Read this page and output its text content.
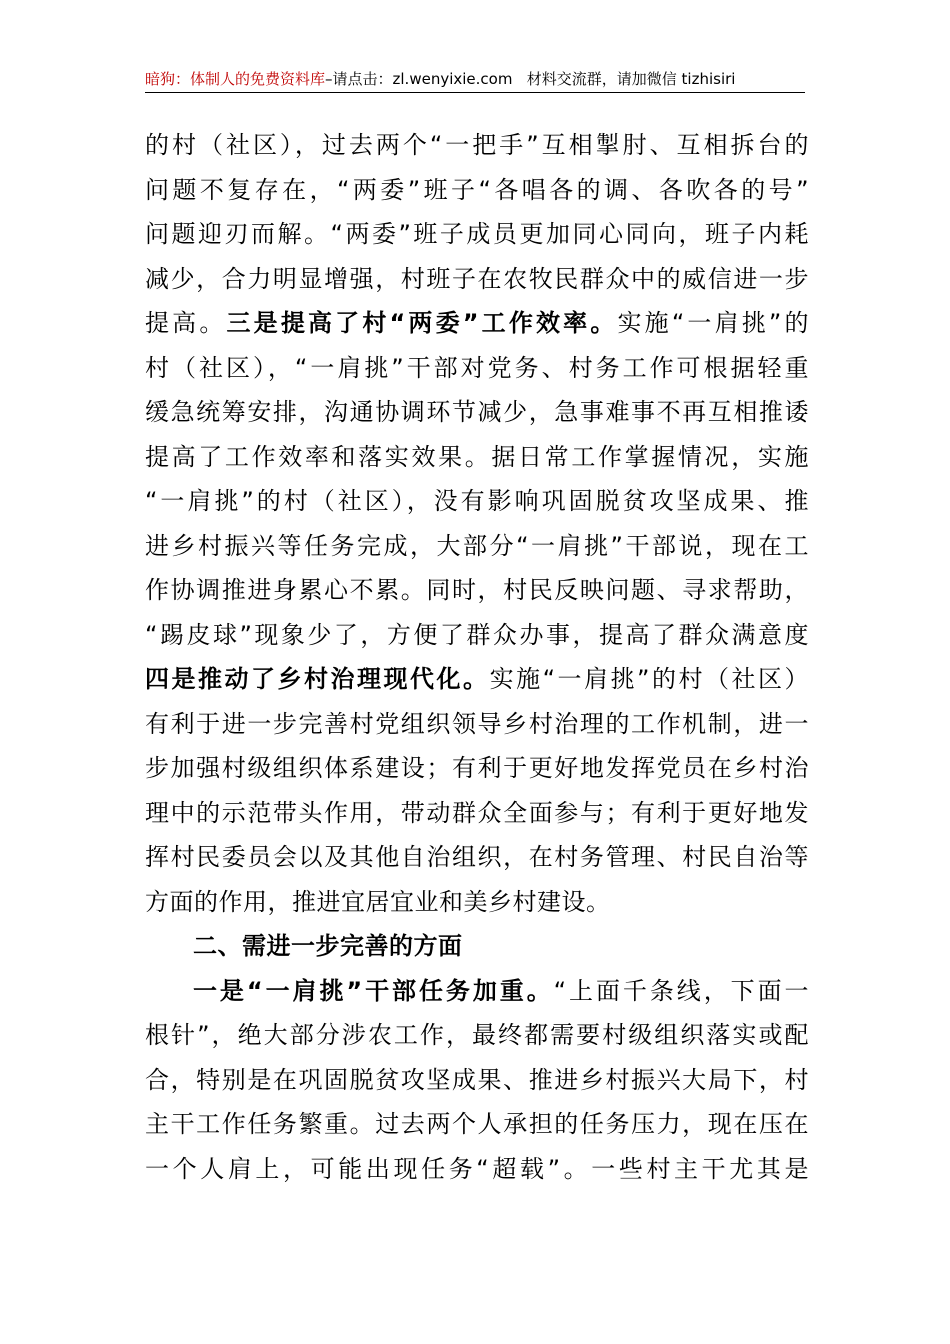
暗狗：体制人的免费资料库–请点击：zl.wenyixie.com 材料交流群，请加微信 tizhisiri
的村（社区），过去两个“一把手”互相掣肘、互相拆台的
问题不复存在，“两委”班子“各唱各的调、各吹各的号”
问题迎刃而解。“两委”班子成员更加同心同向，班子内耗
减少，合力明显增强，村班子在农牧民群众中的威信进一步
提高。三是提高了村“两委”工作效率。实施“一肩挑”的
村（社区），“一肩挑”干部对党务、村务工作可根据轻重
缓急统筹安排，沟通协调环节减少，急事难事不再互相推诿
提高了工作效率和落实效果。据日常工作掌握情况，实施
“一肩挑”的村（社区），没有影响巩固脱贫攻坚成果、推
进乡村振兴等任务完成，大部分“一肩挑”干部说，现在工
作协调推进身累心不累。同时，村民反映问题、寻求帮助，
“踢皮球”现象少了，方便了群众办事，提高了群众满意度
四是推动了乡村治理现代化。实施“一肩挑”的村（社区）
有利于进一步完善村党组织领导乡村治理的工作机制，进一
步加强村级组织体系建设；有利于更好地发挥党员在乡村治
理中的示范带头作用，带动群众全面参与；有利于更好地发
挥村民委员会以及其他自治组织，在村务管理、村民自治等
方面的作用，推进宜居宜业和美乡村建设。
二、需进一步完善的方面
一是“一肩挑”干部任务加重。“上面千条线，下面一
根针”，绝大部分涉农工作，最终都需要村级组织落实或配
合，特别是在巩固脱贫攻坚成果、推进乡村振兴大局下，村
主干工作任务繁重。过去两个人承担的任务压力，现在压在
一个人肩上，可能出现任务“超载”。一些村主干尤其是
